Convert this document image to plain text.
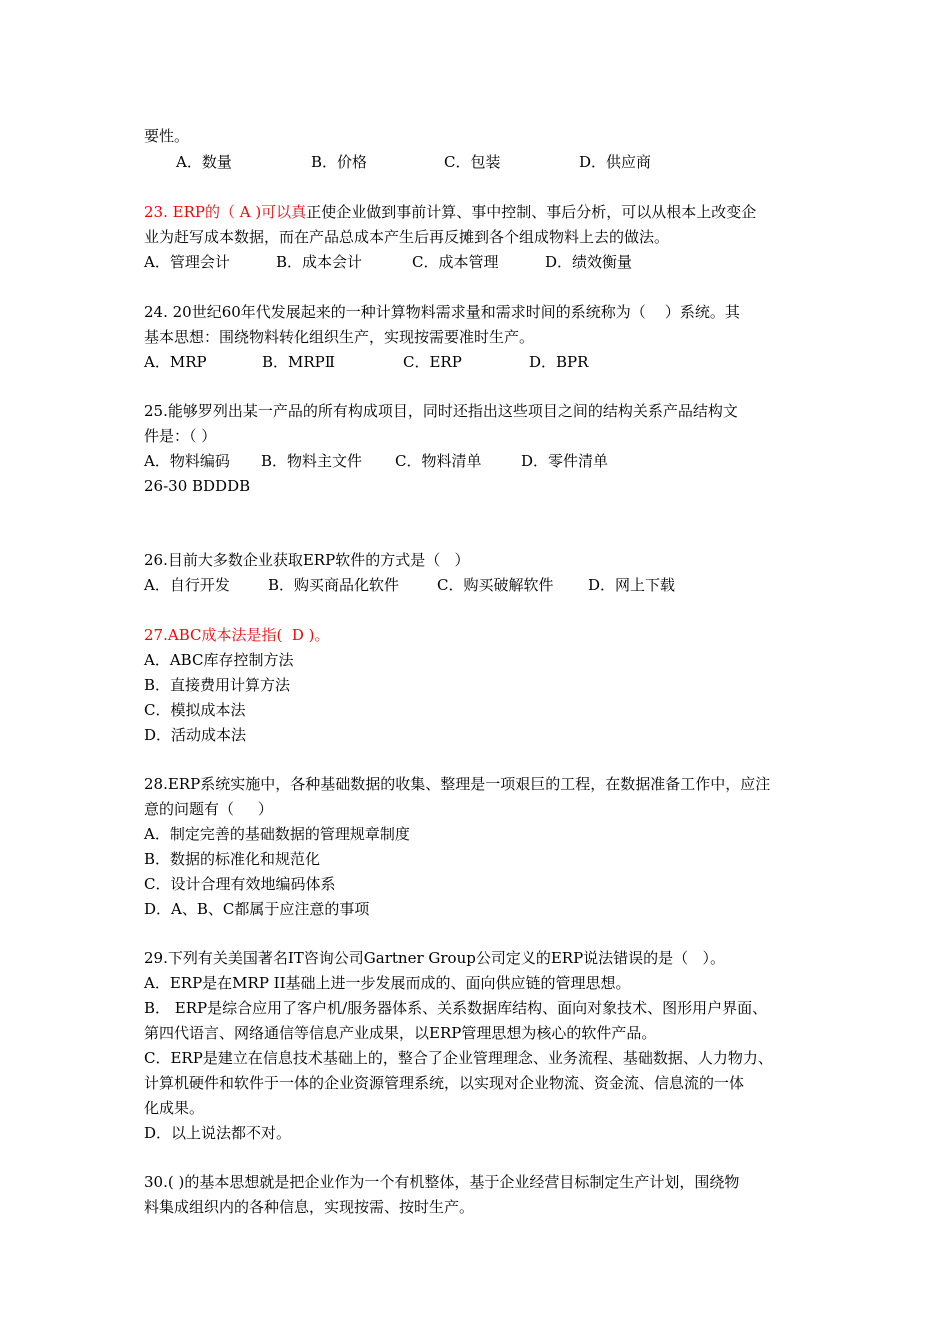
要性。
A．数量	B．价格	C．包装	D．供应商
23. ERP的（ A )可以真正使企业做到事前计算、事中控制、事后分析，可以从根本上改变企
业为赶写成本数据，而在产品总成本产生后再反摊到各个组成物料上去的做法。
A．管理会计	B．成本会计	C．成本管理	D．绩效衡量
24. 20世纪60年代发展起来的一种计算物料需求量和需求时间的系统称为（    ）系统。其
基本思想：围绕物料转化组织生产，实现按需要准时生产。
A．MRP	B．MRPⅡ	C．ERP	D．BPR
25.能够罗列出某一产品的所有构成项目，同时还指出这些项目之间的结构关系产品结构文
件是：（ ）
A．物料编码 B．物料主文件 C．物料清单	D．零件清单
26-30 BDDDB
26.目前大多数企业获取ERP软件的方式是（   ）
A．自行开发	B．购买商品化软件	C．购买破解软件 D．网上下载
27.ABC成本法是指(  D )。
A．ABC库存控制方法
B．直接费用计算方法
C．模拟成本法
D．活动成本法
28.ERP系统实施中，各种基础数据的收集、整理是一项艰巨的工程，在数据准备工作中，应注
意的问题有（     ）
A．制定完善的基础数据的管理规章制度
B．数据的标准化和规范化
C．设计合理有效地编码体系
D．A、B、C都属于应注意的事项
29.下列有关美国著名IT咨询公司Gartner Group公司定义的ERP说法错误的是（   ）。
A．ERP是在MRP II基础上进一步发展而成的、面向供应链的管理思想。
B． ERP是综合应用了客户机/服务器体系、关系数据库结构、面向对象技术、图形用户界面、
第四代语言、网络通信等信息产业成果，以ERP管理思想为核心的软件产品。
C．ERP是建立在信息技术基础上的，整合了企业管理理念、业务流程、基础数据、人力物力、
计算机硬件和软件于一体的企业资源管理系统，以实现对企业物流、资金流、信息流的一体
化成果。
D．以上说法都不对。
30.( )的基本思想就是把企业作为一个有机整体，基于企业经营目标制定生产计划，围绕物
料集成组织内的各种信息，实现按需、按时生产。
